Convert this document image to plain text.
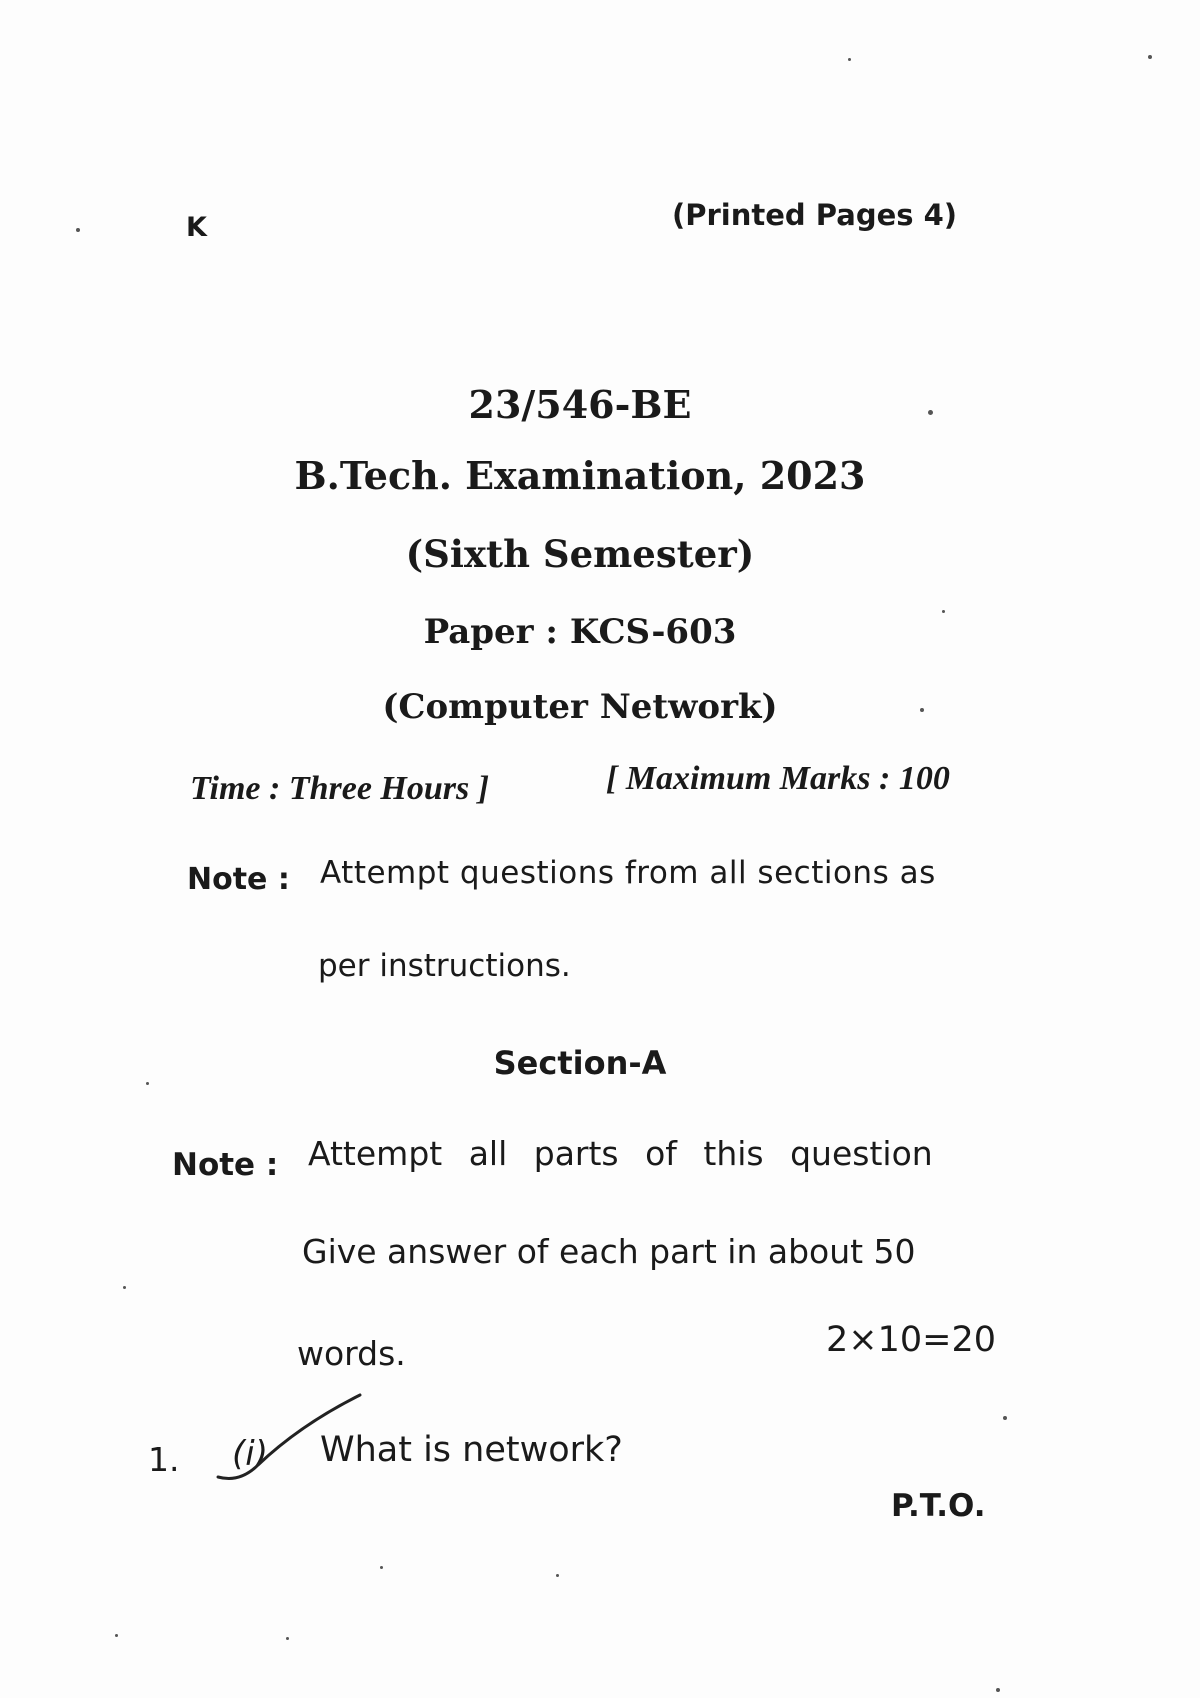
K	(Printed Pages 4)
23/546-BE
B.Tech. Examination, 2023
(Sixth Semester)
Paper : KCS-603
(Computer Network)
Time : Three Hours ]	[ Maximum Marks : 100
Note : Attempt questions from all sections as
per instructions.
Section-A
Note : Attempt all parts of this question
Give answer of each part in about 50
words.	2×10=20
1. (i) What is network?
P.T.O.
